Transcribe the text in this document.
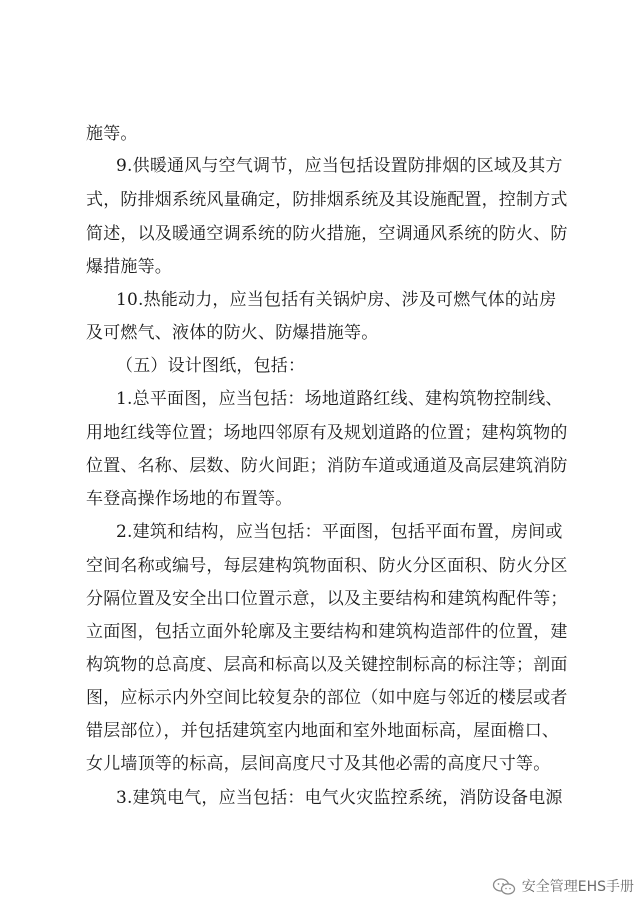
施等。
9.供暖通风与空气调节，应当包括设置防排烟的区域及其方
式，防排烟系统风量确定，防排烟系统及其设施配置，控制方式
简述，以及暖通空调系统的防火措施，空调通风系统的防火、防
爆措施等。
10.热能动力，应当包括有关锅炉房、涉及可燃气体的站房
及可燃气、液体的防火、防爆措施等。
（五）设计图纸，包括：
1.总平面图，应当包括：场地道路红线、建构筑物控制线、
用地红线等位置；场地四邻原有及规划道路的位置；建构筑物的
位置、名称、层数、防火间距；消防车道或通道及高层建筑消防
车登高操作场地的布置等。
2.建筑和结构，应当包括：平面图，包括平面布置，房间或
空间名称或编号，每层建构筑物面积、防火分区面积、防火分区
分隔位置及安全出口位置示意，以及主要结构和建筑构配件等；
立面图，包括立面外轮廓及主要结构和建筑构造部件的位置，建
构筑物的总高度、层高和标高以及关键控制标高的标注等；剖面
图，应标示内外空间比较复杂的部位（如中庭与邻近的楼层或者
错层部位），并包括建筑室内地面和室外地面标高，屋面檐口、
女儿墙顶等的标高，层间高度尺寸及其他必需的高度尺寸等。
3.建筑电气，应当包括：电气火灾监控系统，消防设备电源
安全管理EHS手册
